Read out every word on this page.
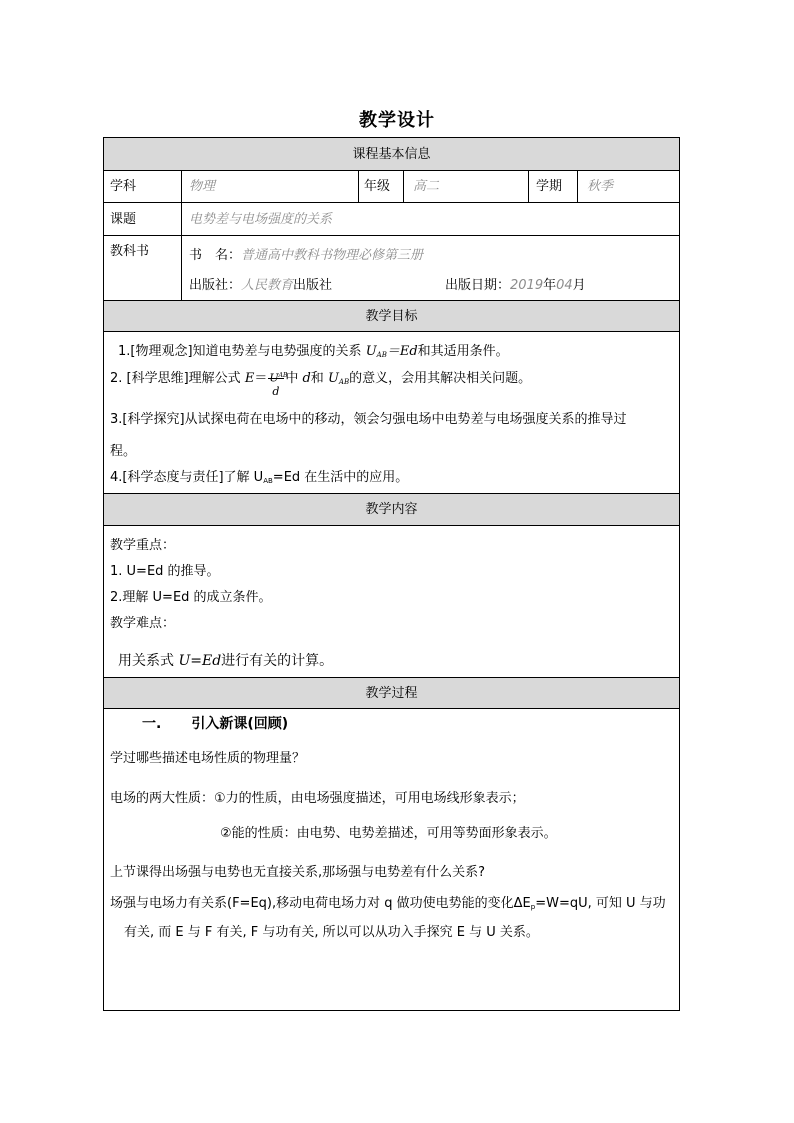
教学设计
课程基本信息
学科	物理	年级	高二	学期	秋季
课题	电势差与电场强度的关系
教科书	书　名：普通高中教科书物理必修第三册
出版社：人民教育出版社	出版日期：2019年04月
教学目标
1.[物理观念]知道电势差与电势强度的关系 $U_{AB}=Ed$和其适用条件。
2. [科学思维]理解公式 $E= U^{AB}$
d
中 d和 $U_{AB}$的意义，会用其解决相关问题。
3.[科学探究]从试探电荷在电场中的移动，领会匀强电场中电势差与电场强度关系的推导过
程。
4.[科学态度与责任]了解 $U_{AB}=Ed$ 在生活中的应用。
教学内容
教学重点：
1. U=Ed 的推导。
2.理解 U=Ed 的成立条件。
教学难点：
用关系式 U=Ed进行有关的计算。
教学过程
一. 引入新课(回顾)
学过哪些描述电场性质的物理量？
电场的两大性质：①力的性质，由电场强度描述，可用电场线形象表示；
②能的性质：由电势、电势差描述，可用等势面形象表示。
上节课得出场强与电势也无直接关系,那场强与电势差有什么关系?
场强与电场力有关系(F=Eq),移动电荷电场力对 q 做功使电势能的变化$\Delta E_p=W=qU$, 可知 U 与功
有关, 而 E 与 F 有关, F 与功有关, 所以可以从功入手探究 E 与 U 关系。
